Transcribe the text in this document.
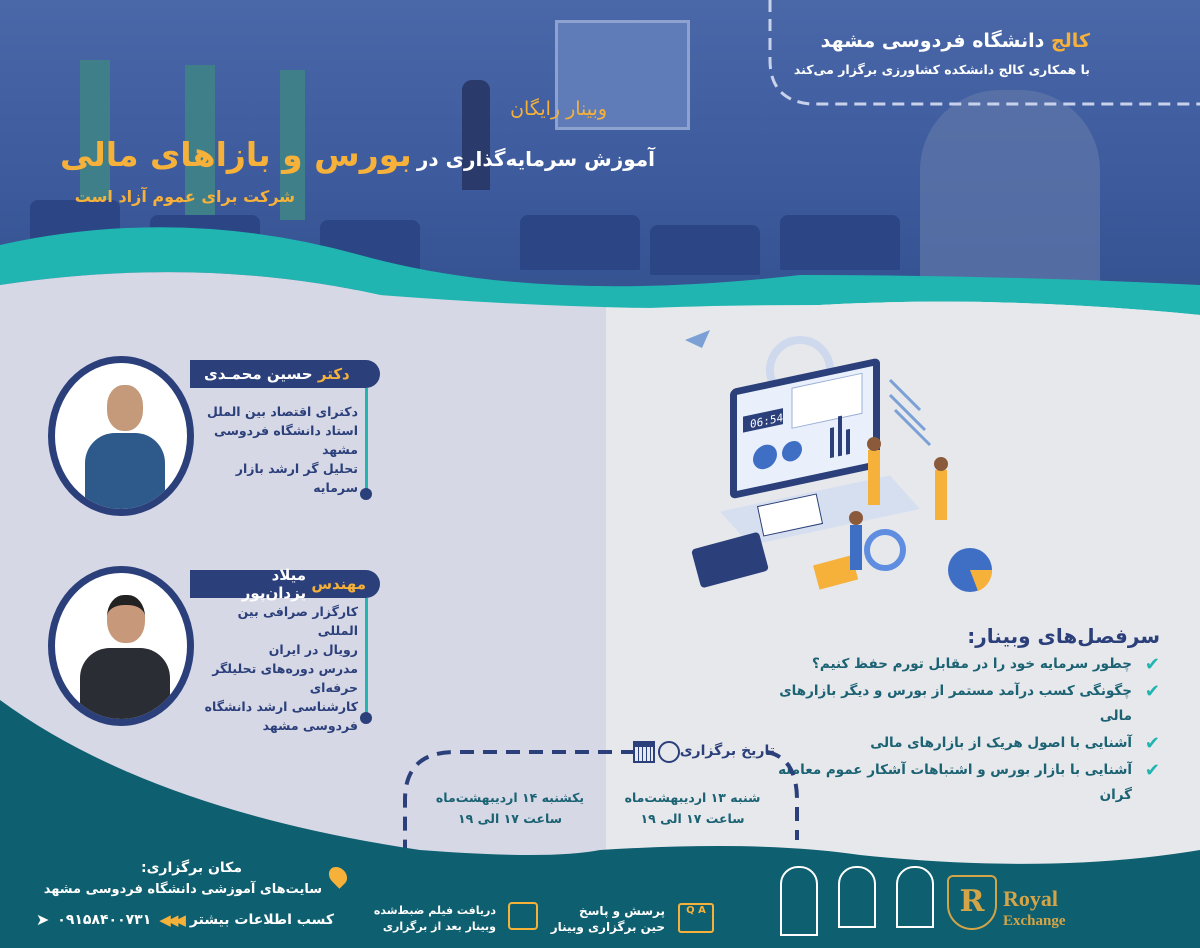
کالج دانشگاه فردوسی مشهد
با همکاری کالج دانشکده کشاورزی برگزار می‌کند
وبینار رایگان
آموزش سرمایه‌گذاری در بورس و بازاهای مالی
شرکت برای عموم آزاد است
دکتر

حسین محمـدی
دکترای اقتصاد بین الملل
استاد دانشگاه فردوسی
مشهد
تحلیل گر ارشد بازار
سرمایه
مهندس

میلاد یزدان‌پور
کارگزار صرافی بین المللی
رویال در ایران
مدرس دوره‌های تحلیلگر
حرفه‌ای
کارشناسی ارشد دانشگاه
فردوسی مشهد
06:54
سرفصل‌های وبینار:
✔
چطور سرمایه خود را در مقابل تورم حفظ کنیم؟
✔
چگونگی کسب درآمد مستمر از بورس و دیگر بازارهای مالی
✔
آشنایی با اصول هریک از بازارهای مالی
✔
آشنایی با بازار بورس و اشتباهات آشکار عموم معامله گران
تاریخ برگزاری
شنبه ۱۳ اردیبهشت‌ماه
ساعت ۱۷ الی ۱۹
یکشنبه ۱۴ اردیبهشت‌ماه
ساعت ۱۷ الی ۱۹
مکان برگزاری:
سایت‌های آموزشی دانشگاه فردوسی مشهد
کسب اطلاعات بیشتر
◀◀◀
۰۹۱۵۸۴۰۰۷۳۱
➤	دریافت فیلم ضبط‌شده
وبینار بعد از برگزاری
Q A
پرسش و پاسخ
حین برگزاری وبینار
R Royal
Exchange
